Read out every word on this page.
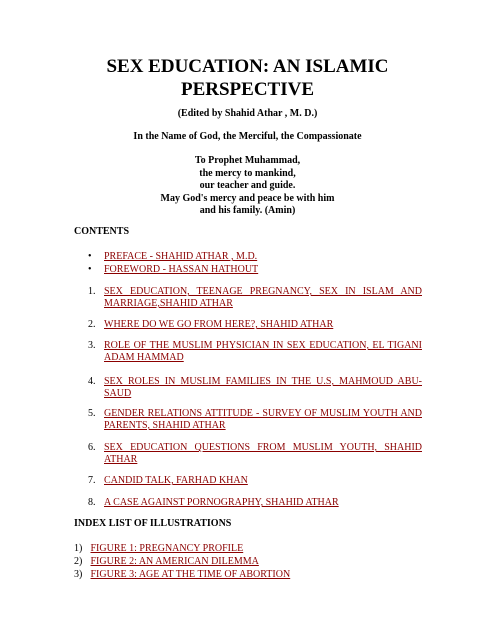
SEX EDUCATION: AN ISLAMIC
PERSPECTIVE
(Edited by Shahid Athar , M. D.)
In the Name of God, the Merciful, the Compassionate
To Prophet Muhammad,
the mercy to mankind,
our teacher and guide.
May God's mercy and peace be with him
and his family. (Amin)
CONTENTS
• PREFACE - SHAHID ATHAR , M.D.
• FOREWORD - HASSAN HATHOUT
1. SEX EDUCATION, TEENAGE PREGNANCY, SEX IN ISLAM AND MARRIAGE,SHAHID ATHAR
2. WHERE DO WE GO FROM HERE?, SHAHID ATHAR
3. ROLE OF THE MUSLIM PHYSICIAN IN SEX EDUCATION, EL TIGANI ADAM HAMMAD
4. SEX ROLES IN MUSLIM FAMILIES IN THE U.S, MAHMOUD ABU-SAUD
5. GENDER RELATIONS ATTITUDE - SURVEY OF MUSLIM YOUTH AND PARENTS, SHAHID ATHAR
6. SEX EDUCATION QUESTIONS FROM MUSLIM YOUTH, SHAHID ATHAR
7. CANDID TALK, FARHAD KHAN
8. A CASE AGAINST PORNOGRAPHY, SHAHID ATHAR
INDEX LIST OF ILLUSTRATIONS
1) FIGURE 1: PREGNANCY PROFILE
2) FIGURE 2: AN AMERICAN DILEMMA
3) FIGURE 3: AGE AT THE TIME OF ABORTION
